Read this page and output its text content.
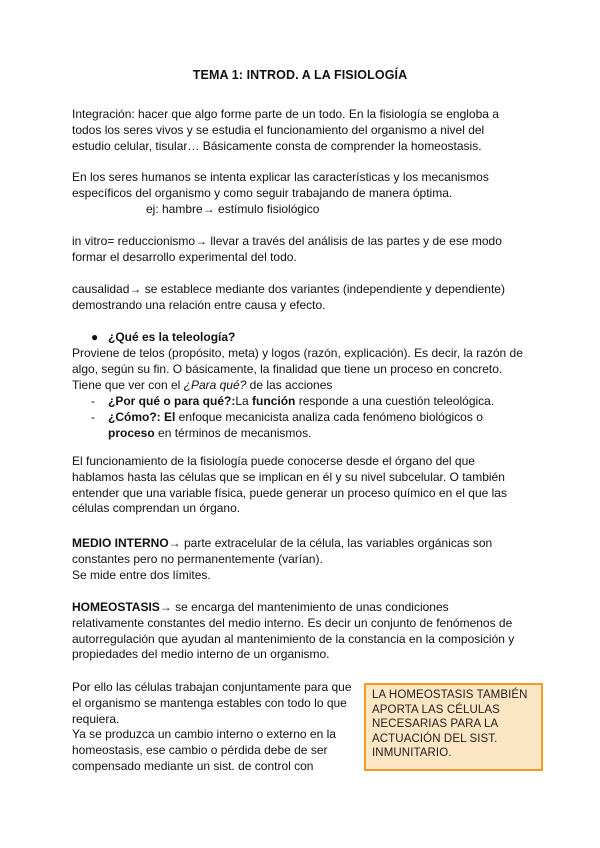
TEMA 1: INTROD. A LA FISIOLOGÍA
Integración: hacer que algo forme parte de un todo. En la fisiología se engloba a
todos los seres vivos y se estudia el funcionamiento del organismo a nivel del
estudio celular, tisular… Básicamente consta de comprender la homeostasis.
En los seres humanos se intenta explicar las características y los mecanismos
específicos del organismo y como seguir trabajando de manera óptima.
ej: hambre→ estímulo fisiológico
in vitro= reduccionismo→ llevar a través del análisis de las partes y de ese modo
formar el desarrollo experimental del todo.
causalidad→ se establece mediante dos variantes (independiente y dependiente)
demostrando una relación entre causa y efecto.
● ¿Qué es la teleología?
Proviene de telos (propósito, meta) y logos (razón, explicación). Es decir, la razón de
algo, según su fin. O básicamente, la finalidad que tiene un proceso en concreto.
Tiene que ver con el ¿Para qué? de las acciones
- ¿Por qué o para qué?:La función responde a una cuestión teleológica.
- ¿Cómo?: El enfoque mecanicista analiza cada fenómeno biológicos o
proceso en términos de mecanismos.
El funcionamiento de la fisiología puede conocerse desde el órgano del que
hablamos hasta las células que se implican en él y su nivel subcelular. O también
entender que una variable física, puede generar un proceso químico en el que las
células comprendan un órgano.
MEDIO INTERNO→ parte extracelular de la célula, las variables orgánicas son
constantes pero no permanentemente (varían).
Se mide entre dos límites.
HOMEOSTASIS→ se encarga del mantenimiento de unas condiciones
relativamente constantes del medio interno. Es decir un conjunto de fenómenos de
autorregulación que ayudan al mantenimiento de la constancia en la composición y
propiedades del medio interno de un organismo.
Por ello las células trabajan conjuntamente para que
el organismo se mantenga estables con todo lo que
requiera.
Ya se produzca un cambio interno o externo en la
homeostasis, ese cambio o pérdida debe de ser
compensado mediante un sist. de control con
LA HOMEOSTASIS TAMBIÉN APORTA LAS CÉLULAS NECESARIAS PARA LA ACTUACIÓN DEL SIST. INMUNITARIO.
